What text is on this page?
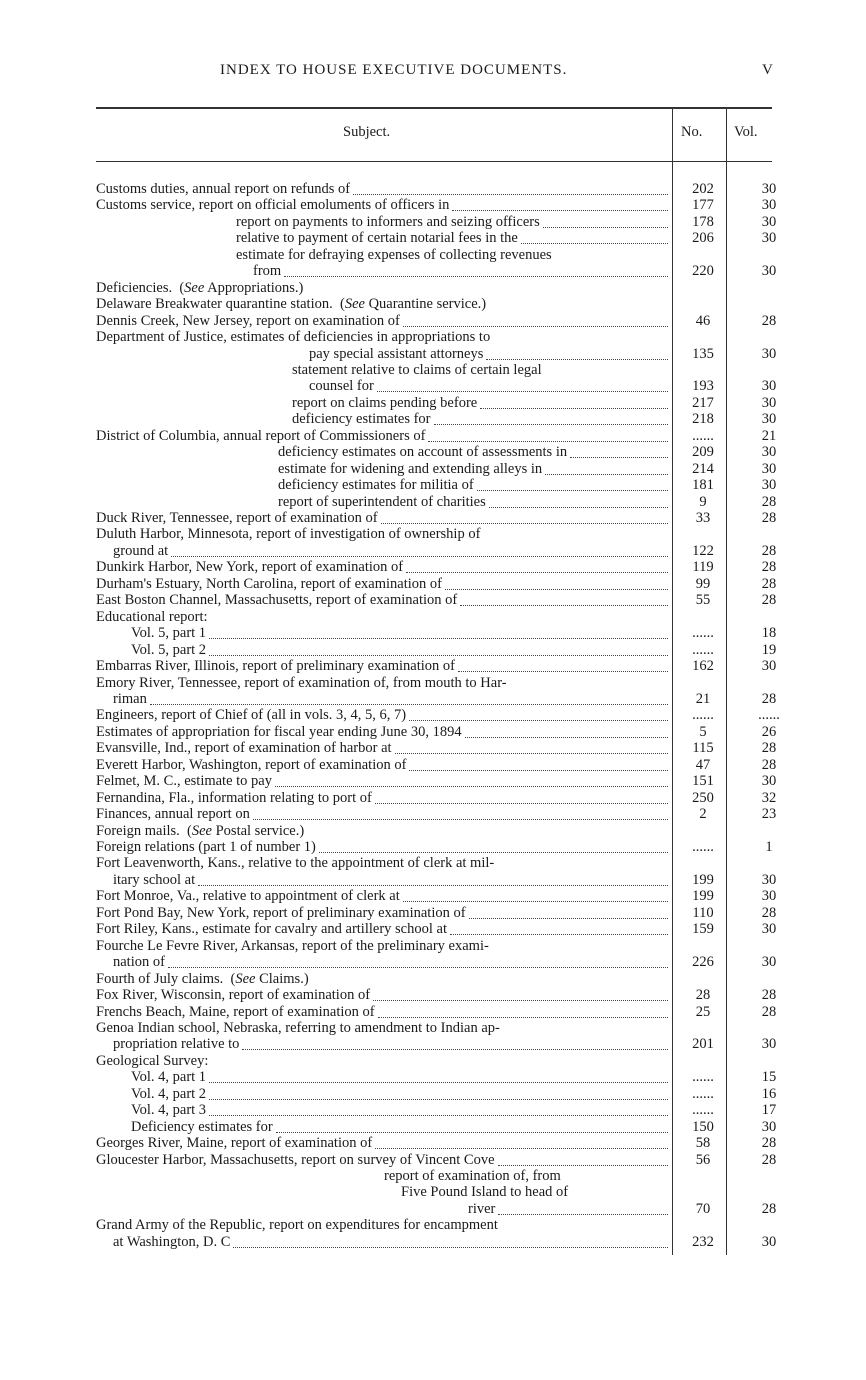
INDEX TO HOUSE EXECUTIVE DOCUMENTS.	V
Subject.	No. Vol.
Customs duties, annual report on refunds of	202	30
Customs service, report on official emoluments of officers in	177	30
report on payments to informers and seizing officers	178	30
relative to payment of certain notarial fees in the	206	30
estimate for defraying expenses of collecting revenues
from	220	30
Deficiencies.  (See Appropriations.)
Delaware Breakwater quarantine station.  (See Quarantine service.)
Dennis Creek, New Jersey, report on examination of	46	28
Department of Justice, estimates of deficiencies in appropriations to
pay special assistant attorneys	135	30
statement relative to claims of certain legal
counsel for	193	30
report on claims pending before	217	30
deficiency estimates for	218	30
District of Columbia, annual report of Commissioners of	......	21
deficiency estimates on account of assessments in	209	30
estimate for widening and extending alleys in	214	30
deficiency estimates for militia of	181	30
report of superintendent of charities	9	28
Duck River, Tennessee, report of examination of	33	28
Duluth Harbor, Minnesota, report of investigation of ownership of
ground at	122	28
Dunkirk Harbor, New York, report of examination of	119	28
Durham's Estuary, North Carolina, report of examination of	99	28
East Boston Channel, Massachusetts, report of examination of	55	28
Educational report:
Vol. 5, part 1	......	18
Vol. 5, part 2	......	19
Embarras River, Illinois, report of preliminary examination of	162	30
Emory River, Tennessee, report of examination of, from mouth to Har-
riman	21	28
Engineers, report of Chief of (all in vols. 3, 4, 5, 6, 7)	......	......
Estimates of appropriation for fiscal year ending June 30, 1894	5	26
Evansville, Ind., report of examination of harbor at	115	28
Everett Harbor, Washington, report of examination of	47	28
Felmet, M. C., estimate to pay	151	30
Fernandina, Fla., information relating to port of	250	32
Finances, annual report on	2	23
Foreign mails.  (See Postal service.)
Foreign relations (part 1 of number 1)	......	1
Fort Leavenworth, Kans., relative to the appointment of clerk at mil-
itary school at	199	30
Fort Monroe, Va., relative to appointment of clerk at	199	30
Fort Pond Bay, New York, report of preliminary examination of	110	28
Fort Riley, Kans., estimate for cavalry and artillery school at	159	30
Fourche Le Fevre River, Arkansas, report of the preliminary exami-
nation of	226	30
Fourth of July claims.  (See Claims.)
Fox River, Wisconsin, report of examination of	28	28
Frenchs Beach, Maine, report of examination of	25	28
Genoa Indian school, Nebraska, referring to amendment to Indian ap-
propriation relative to	201	30
Geological Survey:
Vol. 4, part 1	......	15
Vol. 4, part 2	......	16
Vol. 4, part 3	......	17
Deficiency estimates for	150	30
Georges River, Maine, report of examination of	58	28
Gloucester Harbor, Massachusetts, report on survey of Vincent Cove	56	28
report of examination of, from
Five Pound Island to head of
river	70	28
Grand Army of the Republic, report on expenditures for encampment
at Washington, D. C	232	30
